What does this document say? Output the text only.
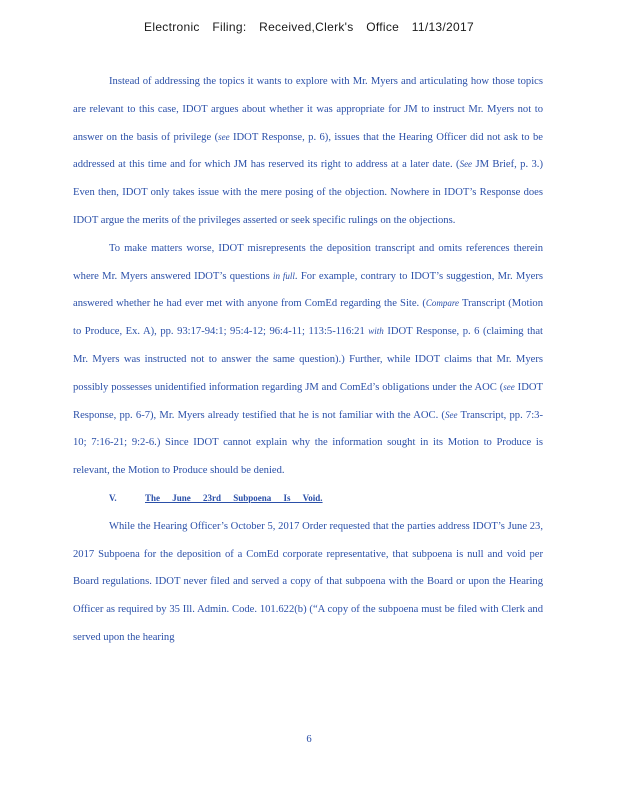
Electronic Filing: Received,Clerk's Office 11/13/2017

Instead of addressing the topics it wants to explore with Mr. Myers and articulating how those topics are relevant to this case, IDOT argues about whether it was appropriate for JM to instruct Mr. Myers not to answer on the basis of privilege (see IDOT Response, p. 6), issues that the Hearing Officer did not ask to be addressed at this time and for which JM has reserved its right to address at a later date. (See JM Brief, p. 3.) Even then, IDOT only takes issue with the mere posing of the objection. Nowhere in IDOT’s Response does IDOT argue the merits of the privileges asserted or seek specific rulings on the objections.

To make matters worse, IDOT misrepresents the deposition transcript and omits references therein where Mr. Myers answered IDOT’s questions in full. For example, contrary to IDOT’s suggestion, Mr. Myers answered whether he had ever met with anyone from ComEd regarding the Site. (Compare Transcript (Motion to Produce, Ex. A), pp. 93:17-94:1; 95:4-12; 96:4-11; 113:5-116:21 with IDOT Response, p. 6 (claiming that Mr. Myers was instructed not to answer the same question).) Further, while IDOT claims that Mr. Myers possibly possesses unidentified information regarding JM and ComEd’s obligations under the AOC (see IDOT Response, pp. 6-7), Mr. Myers already testified that he is not familiar with the AOC. (See Transcript, pp. 7:3-10; 7:16-21; 9:2-6.) Since IDOT cannot explain why the information sought in its Motion to Produce is relevant, the Motion to Produce should be denied.

V.	The June 23rd Subpoena Is Void.

While the Hearing Officer’s October 5, 2017 Order requested that the parties address IDOT’s June 23, 2017 Subpoena for the deposition of a ComEd corporate representative, that subpoena is null and void per Board regulations. IDOT never filed and served a copy of that subpoena with the Board or upon the Hearing Officer as required by 35 Ill. Admin. Code. 101.622(b) (“A copy of the subpoena must be filed with Clerk and served upon the hearing

6
